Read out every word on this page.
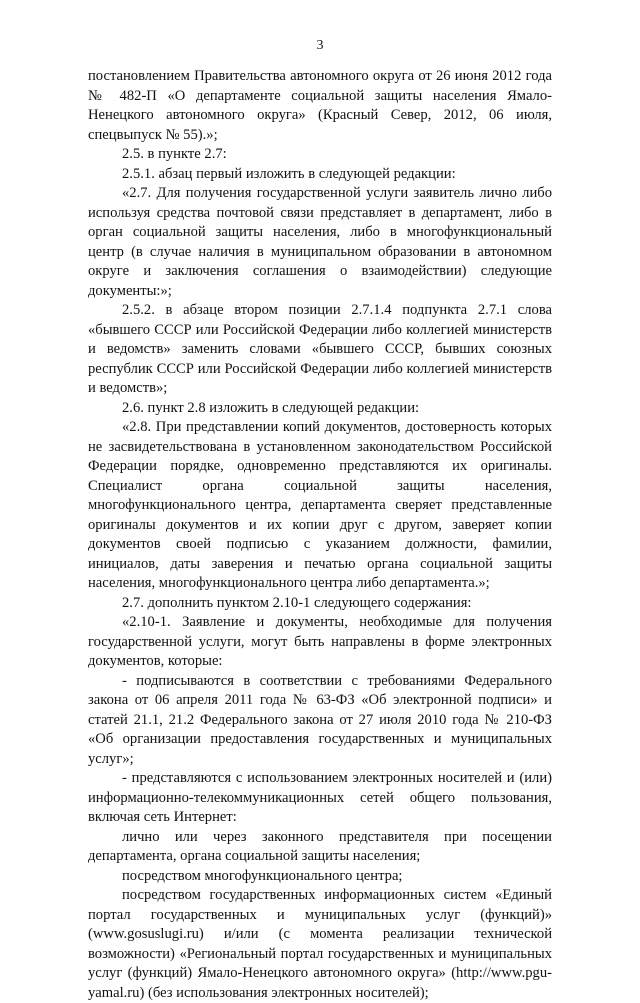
3

постановлением Правительства автономного округа от 26 июня 2012 года № 482-П «О департаменте социальной защиты населения Ямало-Ненецкого автономного округа» (Красный Север, 2012, 06 июля, спецвыпуск № 55).»;

2.5. в пункте 2.7:

2.5.1. абзац первый изложить в следующей редакции:

«2.7. Для получения государственной услуги заявитель лично либо используя средства почтовой связи представляет в департамент, либо в орган социальной защиты населения, либо в многофункциональный центр (в случае наличия в муниципальном образовании в автономном округе и заключения соглашения о взаимодействии) следующие документы:»;

2.5.2. в абзаце втором позиции 2.7.1.4 подпункта 2.7.1 слова «бывшего СССР или Российской Федерации либо коллегией министерств и ведомств» заменить словами «бывшего СССР, бывших союзных республик СССР или Российской Федерации либо коллегией министерств и ведомств»;

2.6. пункт 2.8 изложить в следующей редакции:

«2.8. При представлении копий документов, достоверность которых не засвидетельствована в установленном законодательством Российской Федерации порядке, одновременно представляются их оригиналы. Специалист органа социальной защиты населения, многофункционального центра, департамента сверяет представленные оригиналы документов и их копии друг с другом, заверяет копии документов своей подписью с указанием должности, фамилии, инициалов, даты заверения и печатью органа социальной защиты населения, многофункционального центра либо департамента.»;

2.7. дополнить пунктом 2.10-1 следующего содержания:

«2.10-1. Заявление и документы, необходимые для получения государственной услуги, могут быть направлены в форме электронных документов, которые:

- подписываются в соответствии с требованиями Федерального закона от 06 апреля 2011 года № 63-ФЗ «Об электронной подписи» и статей 21.1, 21.2 Федерального закона от 27 июля 2010 года № 210-ФЗ «Об организации предоставления государственных и муниципальных услуг»;

- представляются с использованием электронных носителей и (или) информационно-телекоммуникационных сетей общего пользования, включая сеть Интернет:

лично или через законного представителя при посещении департамента, органа социальной защиты населения;

посредством многофункционального центра;

посредством государственных информационных систем «Единый портал государственных и муниципальных услуг (функций)» (www.gosuslugi.ru) и/или (с момента реализации технической возможности) «Региональный портал государственных и муниципальных услуг (функций) Ямало-Ненецкого автономного округа» (http://www.pgu-yamal.ru) (без использования электронных носителей);
